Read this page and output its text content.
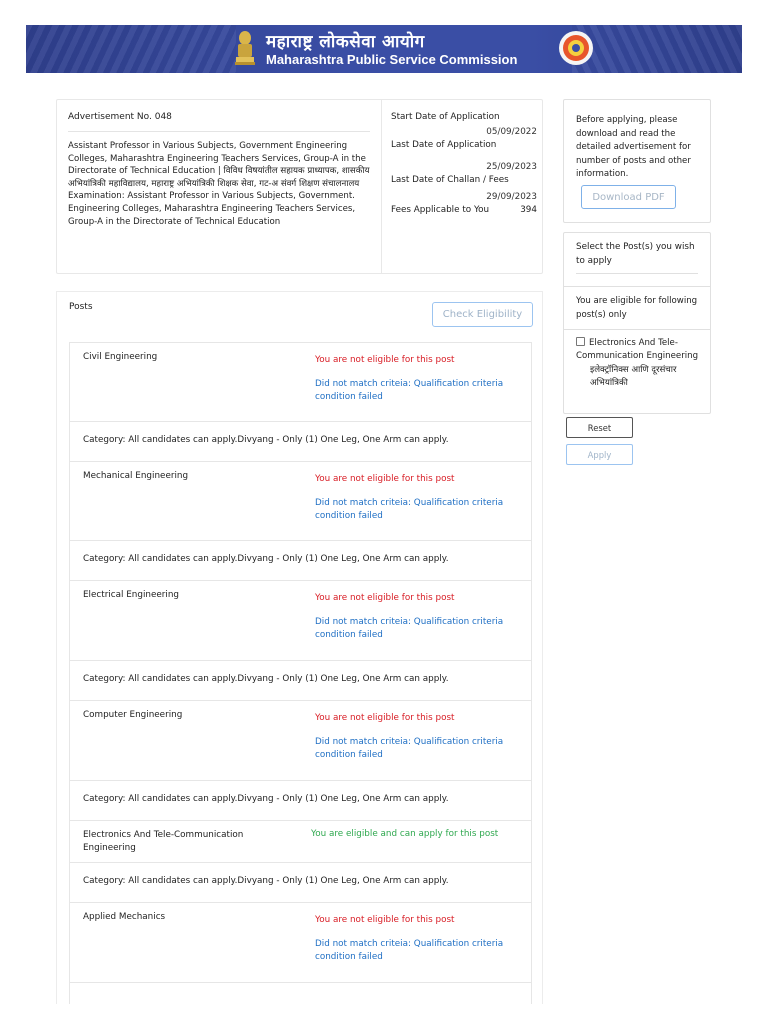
महाराष्ट्र लोकसेवा आयोग
Maharashtra Public Service Commission
Advertisement No. 048
Assistant Professor in Various Subjects, Government Engineering Colleges, Maharashtra Engineering Teachers Services, Group-A in the Directorate of Technical Education | विविध विषयांतील सहायक प्राध्यापक, शासकीय अभियांत्रिकी महाविद्यालय, महाराष्ट्र अभियांत्रिकी शिक्षक सेवा, गट-अ संवर्ग शिक्षण संचालनालय
Examination: Assistant Professor in Various Subjects, Government. Engineering Colleges, Maharashtra Engineering Teachers Services, Group-A in the Directorate of Technical Education
Start Date of Application
05/09/2022
Last Date of Application
25/09/2023
Last Date of Challan / Fees
29/09/2023
Fees Applicable to You	394
Posts
Check Eligibility
Civil Engineering	You are not eligible for this post
Did not match criteia: Qualification criteria condition failed
Category: All candidates can apply.Divyang - Only (1) One Leg, One Arm can apply.
Mechanical Engineering	You are not eligible for this post
Did not match criteia: Qualification criteria condition failed
Category: All candidates can apply.Divyang - Only (1) One Leg, One Arm can apply.
Electrical Engineering	You are not eligible for this post
Did not match criteia: Qualification criteria condition failed
Category: All candidates can apply.Divyang - Only (1) One Leg, One Arm can apply.
Computer Engineering	You are not eligible for this post
Did not match criteia: Qualification criteria condition failed
Category: All candidates can apply.Divyang - Only (1) One Leg, One Arm can apply.
Electronics And Tele-Communication Engineering
You are eligible and can apply for this post
Category: All candidates can apply.Divyang - Only (1) One Leg, One Arm can apply.
Applied Mechanics	You are not eligible for this post
Did not match criteia: Qualification criteria condition failed
Before applying, please download and read the detailed advertisement for number of posts and other information.
Download PDF
Select the Post(s) you wish to apply
You are eligible for following post(s) only
Electronics And Tele-Communication Engineering
इलेक्ट्रॉनिक्स आणि दूरसंचार अभियांत्रिकी
Reset
Apply
